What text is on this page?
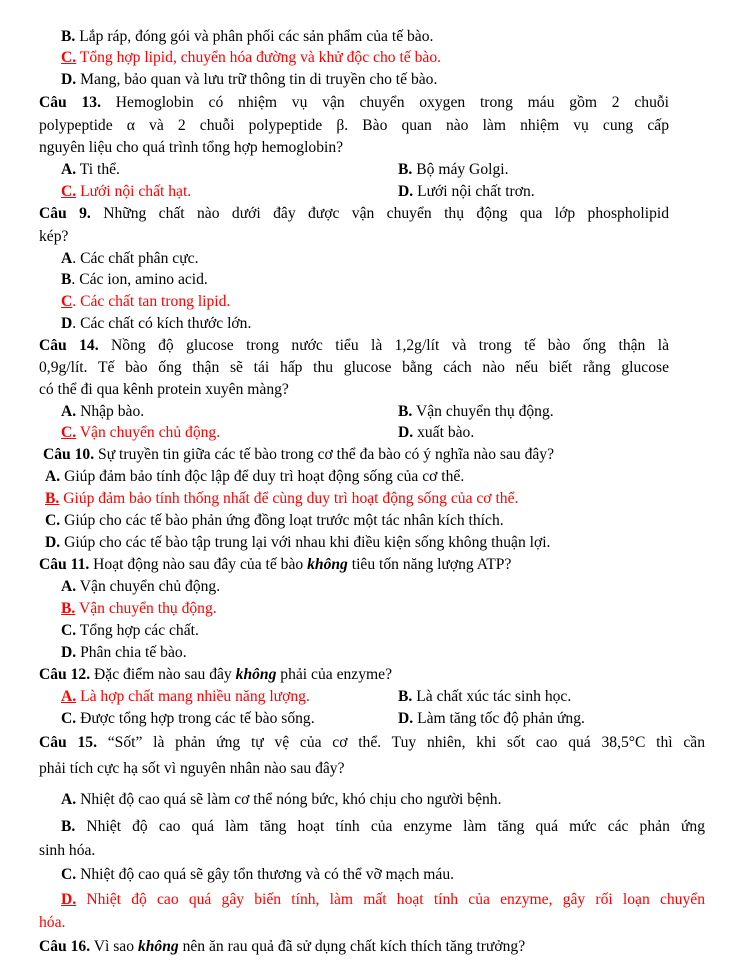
B. Lắp ráp, đóng gói và phân phối các sản phẩm của tế bào.
C. Tổng hợp lipid, chuyển hóa đường và khử độc cho tế bào.
D. Mang, bảo quan và lưu trữ thông tin di truyền cho tế bào.
Câu 13. Hemoglobin có nhiệm vụ vận chuyển oxygen trong máu gồm 2 chuỗi
polypeptide α và 2 chuỗi polypeptide β. Bào quan nào làm nhiệm vụ cung cấp
nguyên liệu cho quá trình tổng hợp hemoglobin?
A. Ti thể.	B. Bộ máy Golgi.
C. Lưới nội chất hạt.	D. Lưới nội chất trơn.
Câu 9. Những chất nào dưới đây được vận chuyển thụ động qua lớp phospholipid
kép?
A. Các chất phân cực.
B. Các ion, amino acid.
C. Các chất tan trong lipid.
D. Các chất có kích thước lớn.
Câu 14. Nồng độ glucose trong nước tiểu là 1,2g/lít và trong tế bào ống thận là
0,9g/lít. Tế bào ống thận sẽ tái hấp thu glucose bằng cách nào nếu biết rằng glucose
có thể đi qua kênh protein xuyên màng?
A. Nhập bào.	B. Vận chuyển thụ động.
C. Vận chuyển chủ động.	D. xuất bào.
Câu 10. Sự truyền tin giữa các tế bào trong cơ thể đa bào có ý nghĩa nào sau đây?
A. Giúp đảm bảo tính độc lập để duy trì hoạt động sống của cơ thể.
B. Giúp đảm bảo tính thống nhất để cùng duy trì hoạt động sống của cơ thể.
C. Giúp cho các tế bào phản ứng đồng loạt trước một tác nhân kích thích.
D. Giúp cho các tế bào tập trung lại với nhau khi điều kiện sống không thuận lợi.
Câu 11. Hoạt động nào sau đây của tế bào không tiêu tốn năng lượng ATP?
A. Vận chuyển chủ động.
B. Vận chuyển thụ động.
C. Tổng hợp các chất.
D. Phân chia tế bào.
Câu 12. Đặc điểm nào sau đây không phải của enzyme?
A. Là hợp chất mang nhiều năng lượng.	B. Là chất xúc tác sinh học.
C. Được tổng hợp trong các tế bào sống.	D. Làm tăng tốc độ phản ứng.
Câu 15. “Sốt” là phản ứng tự vệ của cơ thể. Tuy nhiên, khi sốt cao quá 38,5°C thì cần
phải tích cực hạ sốt vì nguyên nhân nào sau đây?
A. Nhiệt độ cao quá sẽ làm cơ thể nóng bức, khó chịu cho người bệnh.
B. Nhiệt độ cao quá làm tăng hoạt tính của enzyme làm tăng quá mức các phản ứng
sinh hóa.
C. Nhiệt độ cao quá sẽ gây tổn thương và có thể vỡ mạch máu.
D. Nhiệt độ cao quá gây biến tính, làm mất hoạt tính của enzyme, gây rối loạn chuyển
hóa.
Câu 16. Vì sao không nên ăn rau quả đã sử dụng chất kích thích tăng trưởng?
